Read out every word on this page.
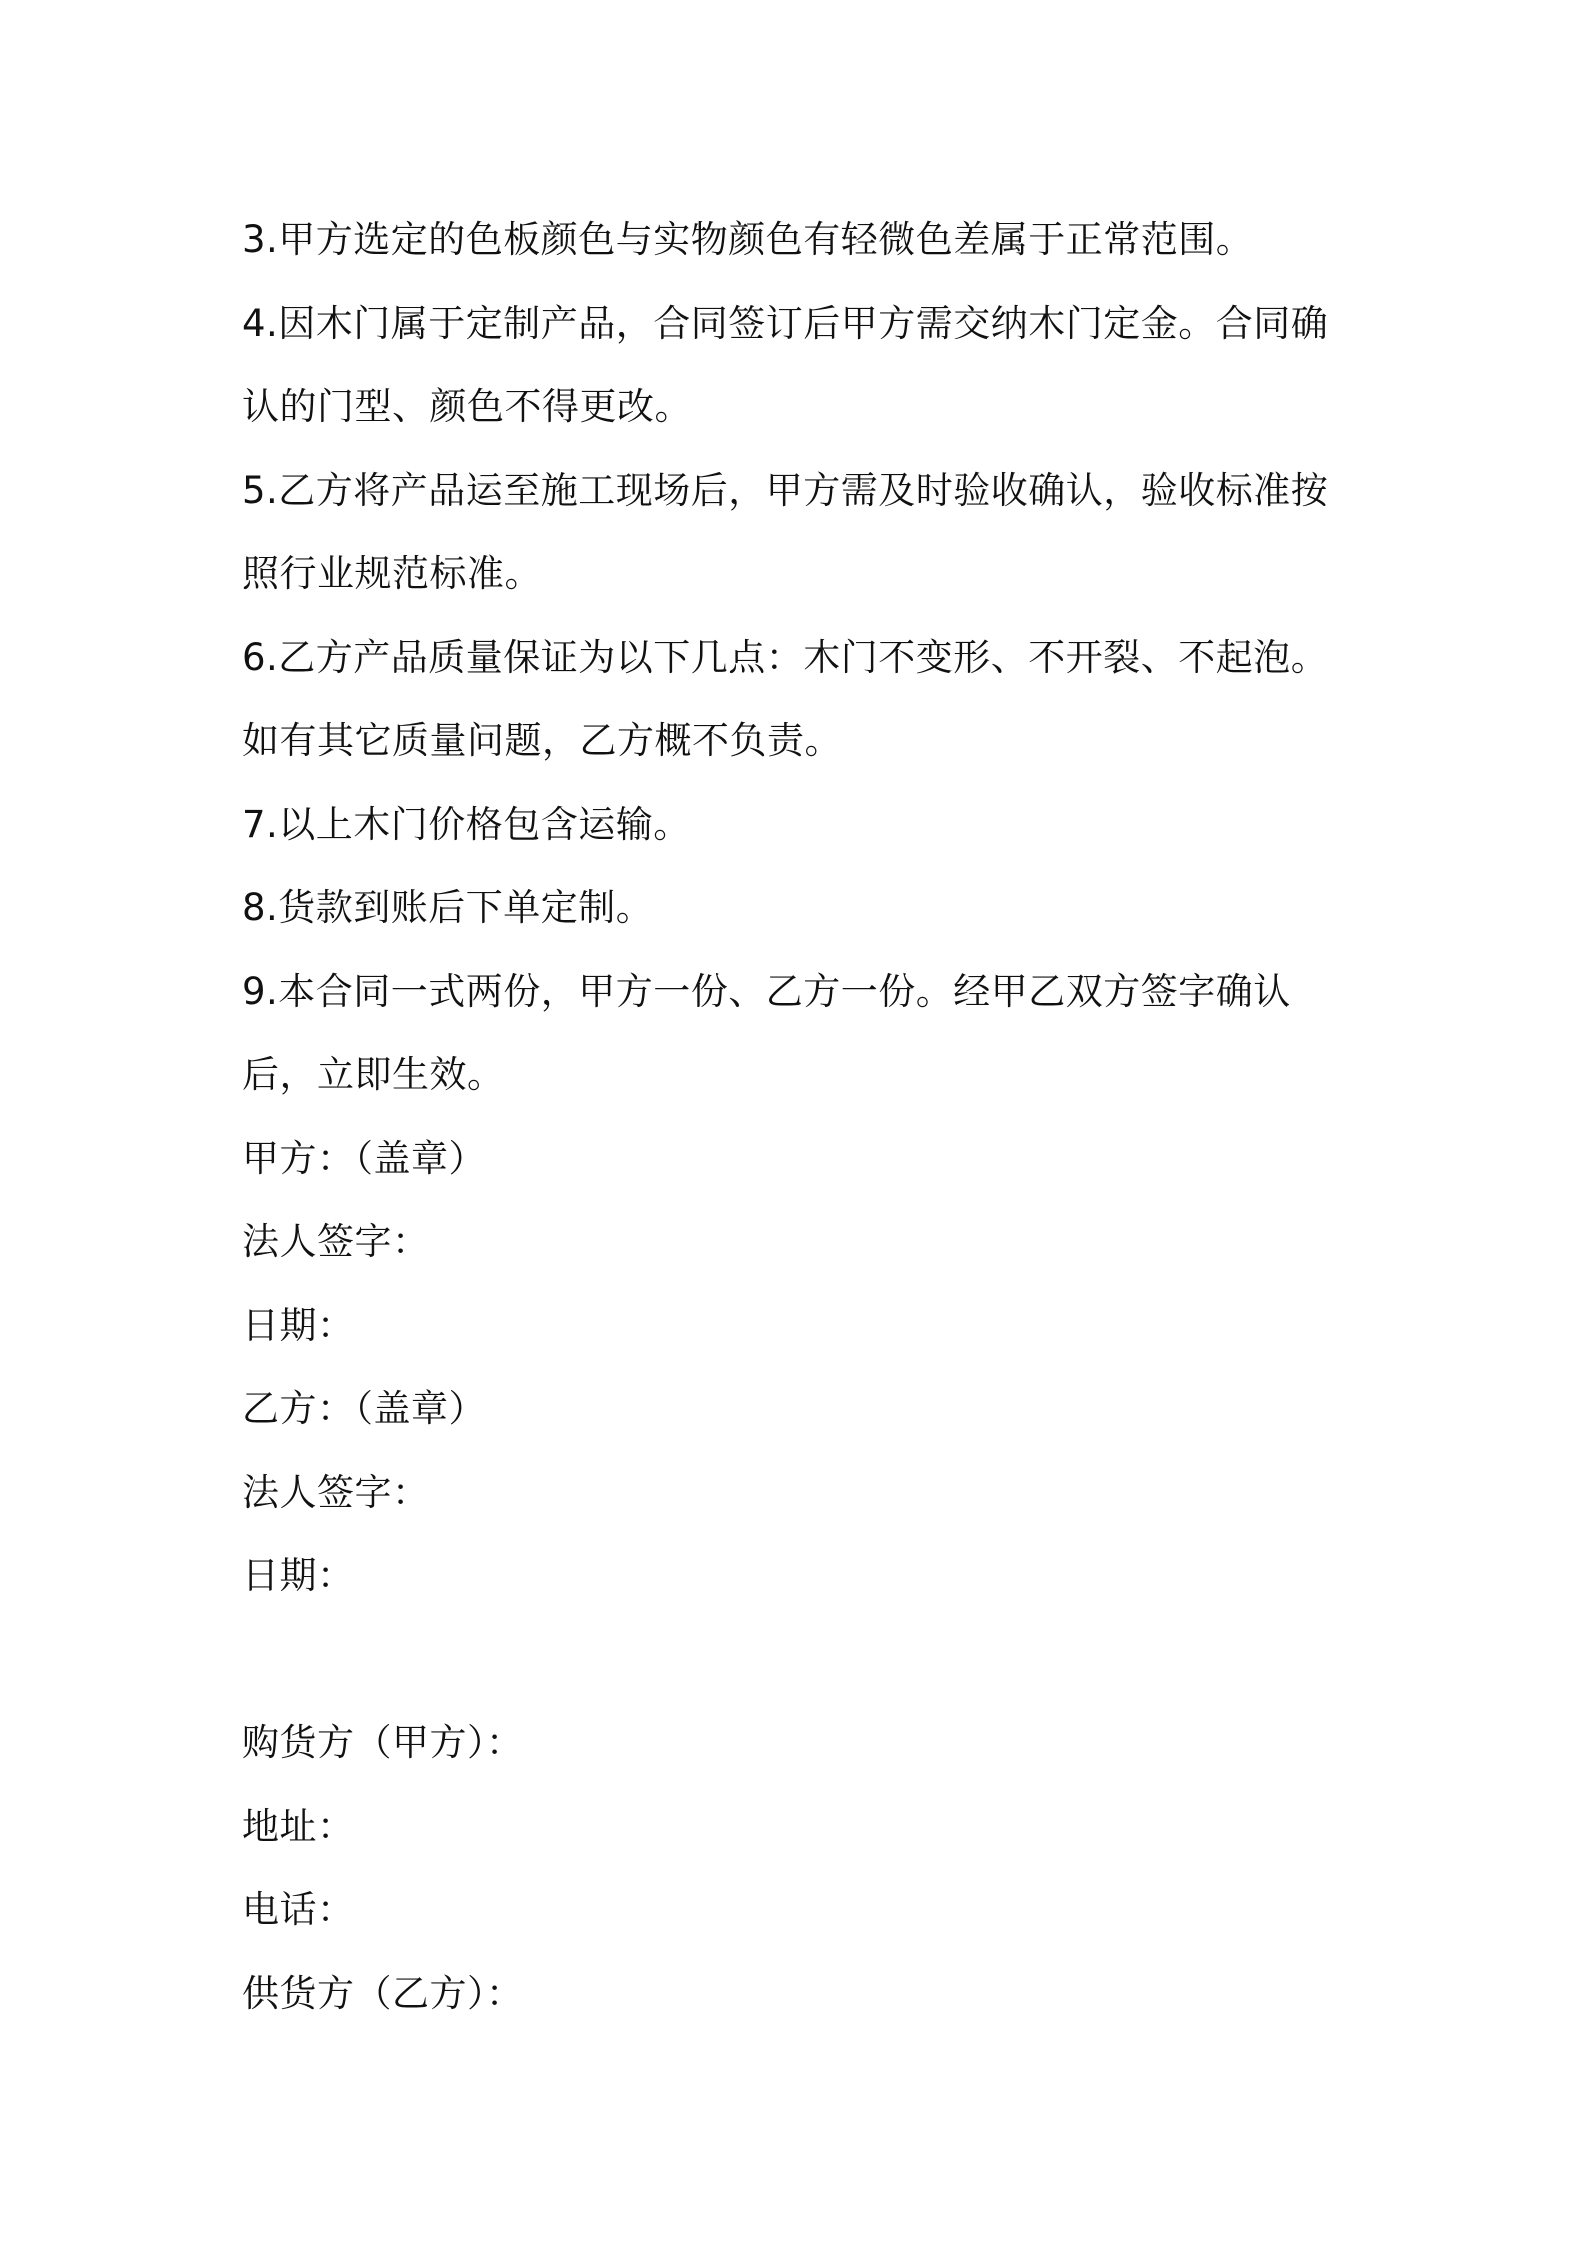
3.甲方选定的色板颜色与实物颜色有轻微色差属于正常范围。

4.因木门属于定制产品，合同签订后甲方需交纳木门定金。合同确认的门型、颜色不得更改。

5.乙方将产品运至施工现场后，甲方需及时验收确认，验收标准按照行业规范标准。

6.乙方产品质量保证为以下几点：木门不变形、不开裂、不起泡。如有其它质量问题，乙方概不负责。

7.以上木门价格包含运输。

8.货款到账后下单定制。

9.本合同一式两份，甲方一份、乙方一份。经甲乙双方签字确认后，立即生效。

甲方：（盖章）

法人签字：

日期：

乙方：（盖章）

法人签字：

日期：

购货方（甲方）：

地址：

电话：

供货方（乙方）：
